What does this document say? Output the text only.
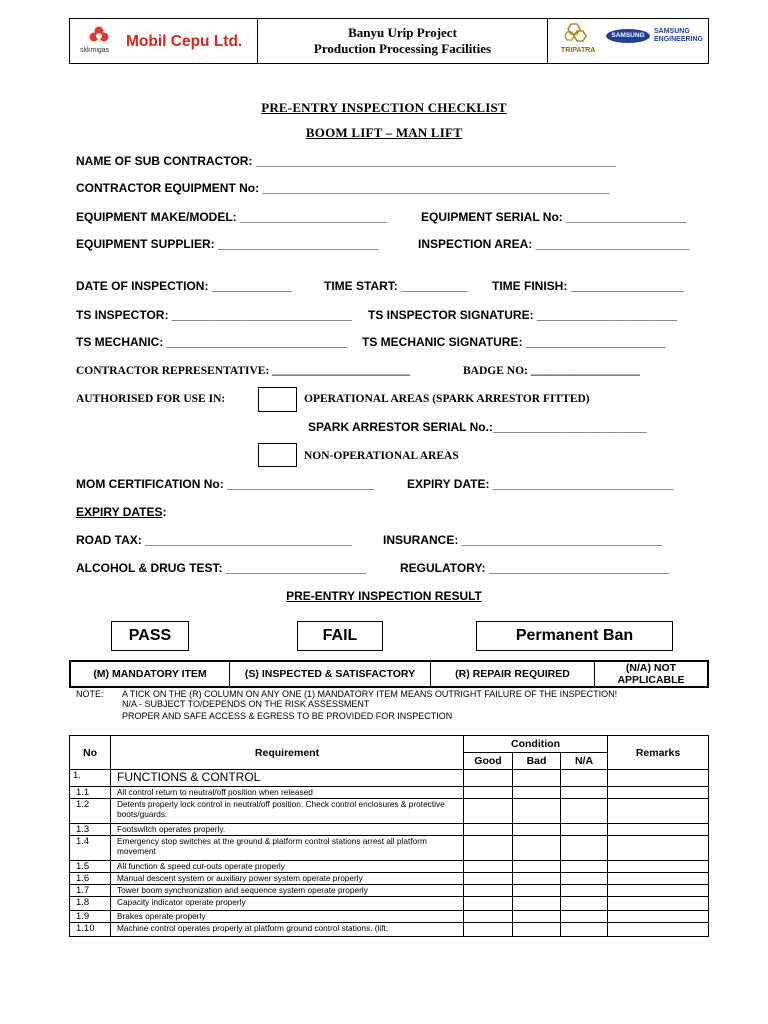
skkmigas
Mobil Cepu Ltd.
Banyu Urip Project
Production Processing Facilities	TRIPATRA
SAMSUNG
SAMSUNG
ENGINEERING
PRE-ENTRY INSPECTION CHECKLIST
BOOM LIFT – MAN LIFT
NAME OF SUB CONTRACTOR: ______________________________________________________
CONTRACTOR EQUIPMENT No: ____________________________________________________
EQUIPMENT MAKE/MODEL: ______________________	EQUIPMENT SERIAL No: __________________
EQUIPMENT SUPPLIER: ________________________	INSPECTION AREA: _______________________
DATE OF INSPECTION: ____________	TIME START: __________ TIME FINISH: _________________
TS INSPECTOR: ___________________________ TS INSPECTOR SIGNATURE: _____________________
TS MECHANIC: ___________________________ TS MECHANIC SIGNATURE: _____________________
CONTRACTOR REPRESENTATIVE: ________________________	BADGE NO: ___________________
AUTHORISED FOR USE IN:	OPERATIONAL AREAS (SPARK ARRESTOR FITTED)
SPARK ARRESTOR SERIAL No.:_______________________
NON-OPERATIONAL AREAS
MOM CERTIFICATION No: ______________________	EXPIRY DATE: ___________________________
EXPIRY DATES:
ROAD TAX: _______________________________	INSURANCE: ______________________________
ALCOHOL & DRUG TEST: _____________________	REGULATORY: ___________________________
PRE-ENTRY INSPECTION RESULT
PASS	FAIL	Permanent Ban
(M) MANDATORY ITEM	(S) INSPECTED & SATISFACTORY	(R) REPAIR REQUIRED	(N/A) NOT APPLICABLE
NOTE: A TICK ON THE (R) COLUMN ON ANY ONE (1) MANDATORY ITEM MEANS OUTRIGHT FAILURE OF THE INSPECTION!
N/A - SUBJECT TO/DEPENDS ON THE RISK ASSESSMENT
PROPER AND SAFE ACCESS & EGRESS TO BE PROVIDED FOR INSPECTION
No	Requirement	Condition			Remarks
		Good	Bad	N/A	
1.	FUNCTIONS & CONTROL				
1.1	All control return to neutral/off position when released				
1.2	Detents properly lock control in neutral/off position. Check control enclosures & protective boots/guards.				
1.3	Footswitch operates properly.				
1.4	Emergency stop switches at the ground & platform control stations arrest all platform movement				
1.5	All function & speed cut-outs operate properly				
1.6	Manual descent system or auxiliary power system operate properly				
1.7	Tower boom synchronization and sequence system operate properly				
1.8	Capacity indicator operate properly				
1.9	Brakes operate properly				
1.10	Machine control operates properly at platform ground control stations. (lift,				
